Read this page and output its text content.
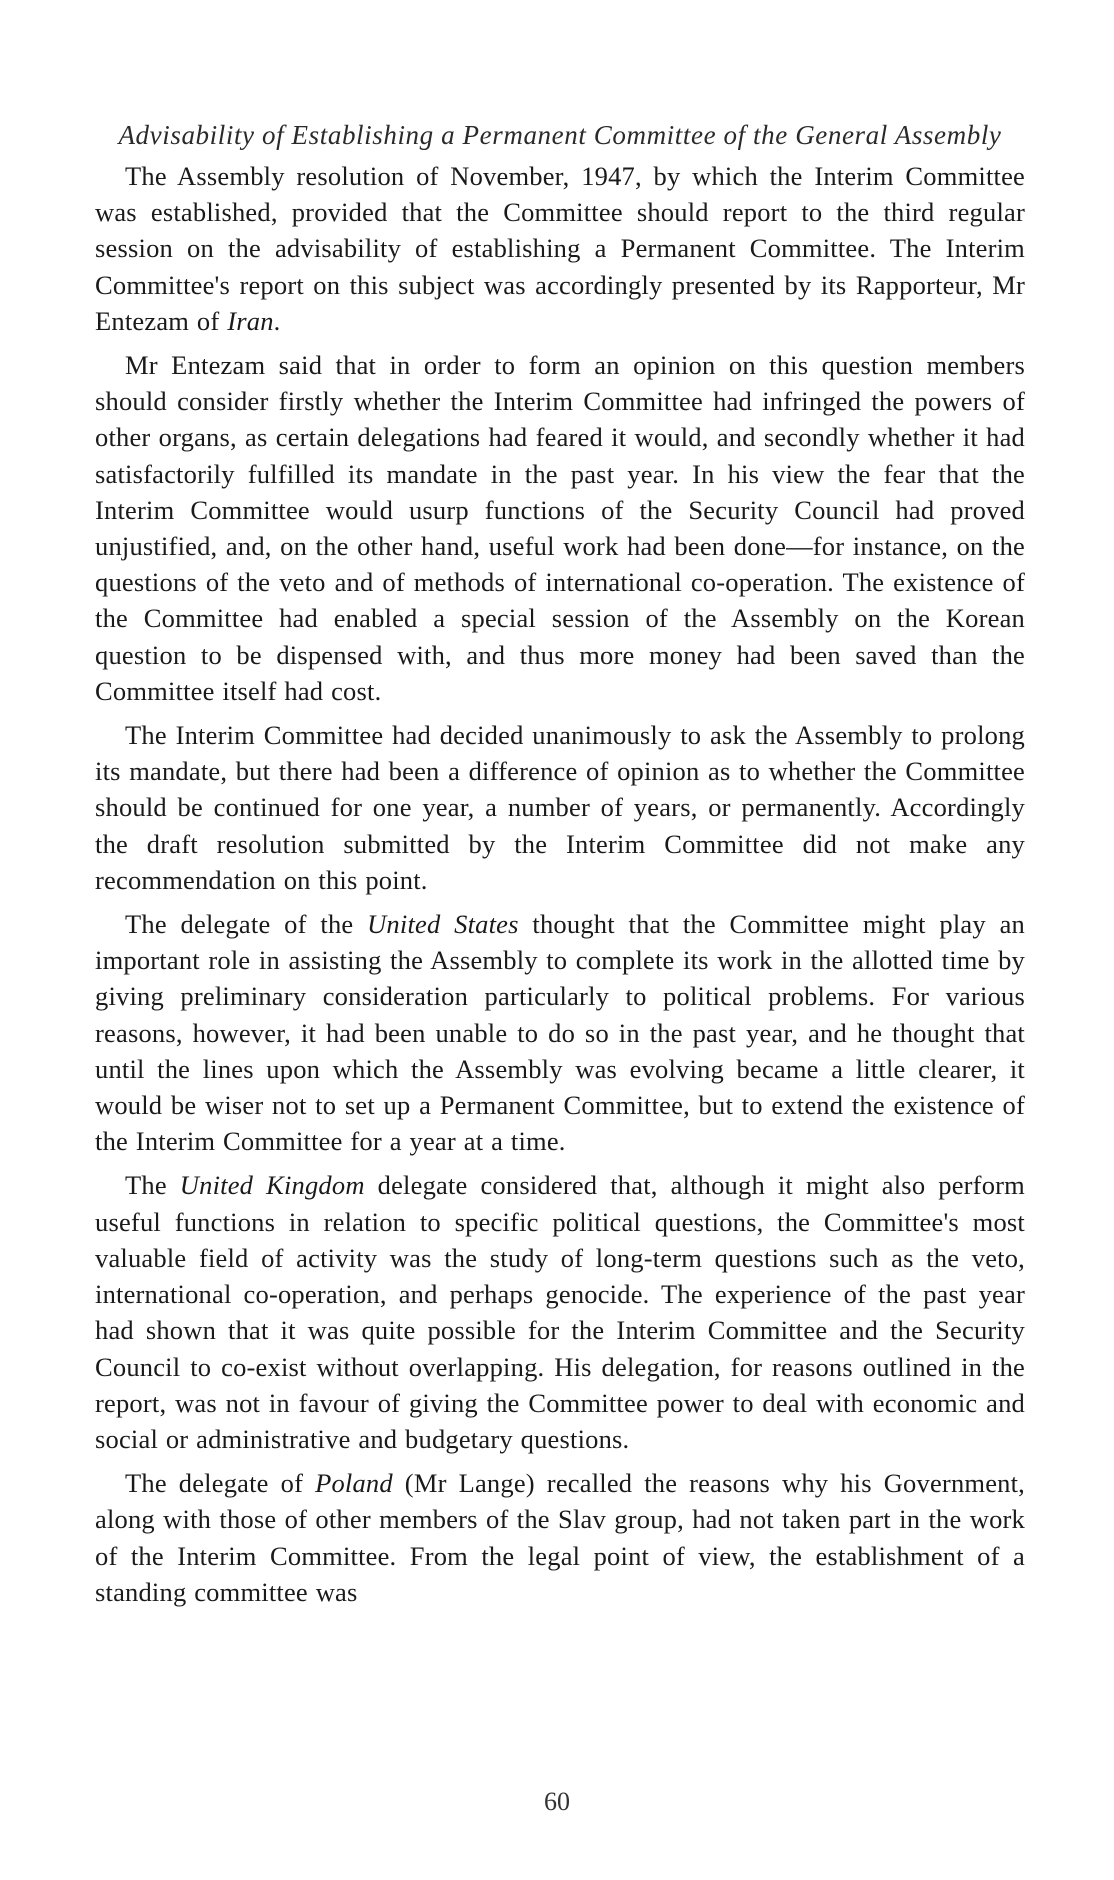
Advisability of Establishing a Permanent Committee of the General Assembly

The Assembly resolution of November, 1947, by which the Interim Committee was established, provided that the Committee should report to the third regular session on the advisability of establishing a Permanent Committee. The Interim Committee's report on this subject was accordingly presented by its Rapporteur, Mr Entezam of Iran.

Mr Entezam said that in order to form an opinion on this question members should consider firstly whether the Interim Committee had infringed the powers of other organs, as certain delegations had feared it would, and secondly whether it had satisfactorily fulfilled its mandate in the past year. In his view the fear that the Interim Committee would usurp functions of the Security Council had proved unjustified, and, on the other hand, useful work had been done—for instance, on the questions of the veto and of methods of international co-operation. The existence of the Committee had enabled a special session of the Assembly on the Korean question to be dispensed with, and thus more money had been saved than the Committee itself had cost.

The Interim Committee had decided unanimously to ask the Assembly to prolong its mandate, but there had been a difference of opinion as to whether the Committee should be continued for one year, a number of years, or permanently. Accordingly the draft resolution submitted by the Interim Committee did not make any recommendation on this point.

The delegate of the United States thought that the Committee might play an important role in assisting the Assembly to complete its work in the allotted time by giving preliminary consideration particularly to political problems. For various reasons, however, it had been unable to do so in the past year, and he thought that until the lines upon which the Assembly was evolving became a little clearer, it would be wiser not to set up a Permanent Committee, but to extend the existence of the Interim Committee for a year at a time.

The United Kingdom delegate considered that, although it might also perform useful functions in relation to specific political questions, the Committee's most valuable field of activity was the study of long-term questions such as the veto, international co-operation, and perhaps genocide. The experience of the past year had shown that it was quite possible for the Interim Committee and the Security Council to co-exist without overlapping. His delegation, for reasons outlined in the report, was not in favour of giving the Committee power to deal with economic and social or administrative and budgetary questions.

The delegate of Poland (Mr Lange) recalled the reasons why his Government, along with those of other members of the Slav group, had not taken part in the work of the Interim Committee. From the legal point of view, the establishment of a standing committee was

60
